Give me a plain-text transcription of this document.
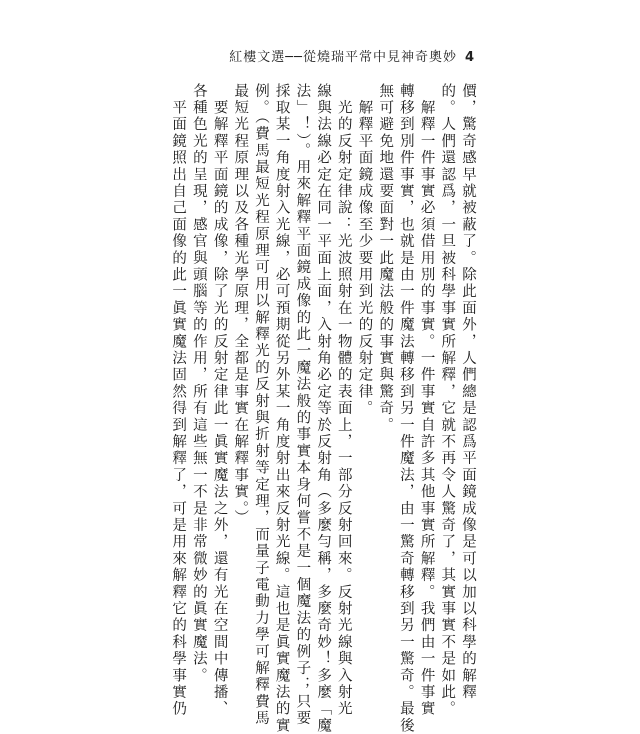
紅樓文選──從燒瑞平常中見神奇奧妙 4

價，驚奇感早就被蔽了。除此面外，人們總是認爲平面鏡成像是可以加以科學的解釋

的。人們還認爲，一旦被科學事實所解釋，它就不再令人驚奇了，其實事實不是如此。

　解釋一件事實必須借用別的事實。一件事實自許多其他事實所解釋。我們由一件事實

轉移到別件事實，也就是由一件魔法轉移到另一件魔法，由一驚奇轉移到另一驚奇。最後

無可避免地還要面對一此魔法般的事實與驚奇。

　解釋平面鏡成像至少要用到光的反射定律。

　光的反射定律說：光波照射在一物體的表面上，一部分反射回來。反射光線與入射光

線與法線必定在同一平面上面，入射角必定等於反射角（多麼勻稱，多麼奇妙！多麼「魔

法」！）。用來解釋平面鏡成像的此一魔法般的事實本身何嘗不是一個魔法的例子；只要

採取某一角度射入光線，必可預期從另外某一角度射出來反射光線。這也是眞實魔法的實

例。（費馬最短光程原理可用以解釋光的反射與折射等定理，而量子電動力學可解釋費馬

最短光程原理以及各種光學原理，全都是事實在解釋事實。）

　要解釋平面鏡的成像，除了光的反射定律此一眞實魔法之外，還有光在空間中傳播、

各種色光的呈現，感官與頭腦等的作用，所有這些無一不是非常微妙的眞實魔法。

　平面鏡照出自己面像的此一眞實魔法固然得到解釋了，可是用來解釋它的科學事實仍
